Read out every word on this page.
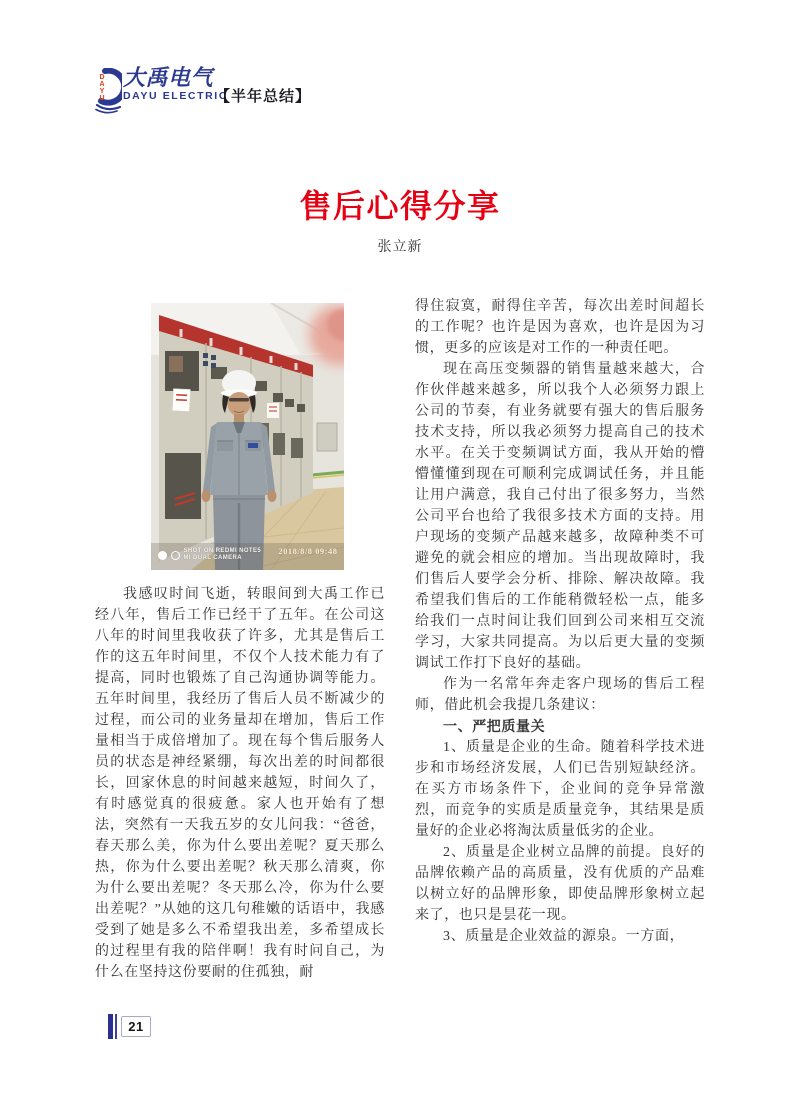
D A Y U
大禹电气
DAYU ELECTRIC
【半年总结】
售后心得分享
张立新
SHOT ON REDMI NOTE5
MI DUAL CAMERA
2018/8/8 09:48

我感叹时间飞逝，转眼间到大禹工作已经八年，售后工作已经干了五年。在公司这八年的时间里我收获了许多，尤其是售后工作的这五年时间里，不仅个人技术能力有了提高，同时也锻炼了自己沟通协调等能力。五年时间里，我经历了售后人员不断减少的过程，而公司的业务量却在增加，售后工作量相当于成倍增加了。现在每个售后服务人员的状态是神经紧绷，每次出差的时间都很长，回家休息的时间越来越短，时间久了，有时感觉真的很疲惫。家人也开始有了想法，突然有一天我五岁的女儿问我：“爸爸，春天那么美，你为什么要出差呢？夏天那么热，你为什么要出差呢？秋天那么清爽，你为什么要出差呢？冬天那么冷，你为什么要出差呢？”从她的这几句稚嫩的话语中，我感受到了她是多么不希望我出差，多希望成长的过程里有我的陪伴啊！我有时问自己，为什么在坚持这份要耐的住孤独，耐

得住寂寞，耐得住辛苦，每次出差时间超长的工作呢？也许是因为喜欢，也许是因为习惯，更多的应该是对工作的一种责任吧。

现在高压变频器的销售量越来越大，合作伙伴越来越多，所以我个人必须努力跟上公司的节奏，有业务就要有强大的售后服务技术支持，所以我必须努力提高自己的技术水平。在关于变频调试方面，我从开始的懵懵懂懂到现在可顺利完成调试任务，并且能让用户满意，我自己付出了很多努力，当然公司平台也给了我很多技术方面的支持。用户现场的变频产品越来越多，故障种类不可避免的就会相应的增加。当出现故障时，我们售后人要学会分析、排除、解决故障。我希望我们售后的工作能稍微轻松一点，能多给我们一点时间让我们回到公司来相互交流学习，大家共同提高。为以后更大量的变频调试工作打下良好的基础。

作为一名常年奔走客户现场的售后工程师，借此机会我提几条建议：

一、严把质量关

1、质量是企业的生命。随着科学技术进步和市场经济发展，人们已告别短缺经济。在买方市场条件下，企业间的竞争异常激烈，而竞争的实质是质量竞争，其结果是质量好的企业必将淘汰质量低劣的企业。

2、质量是企业树立品牌的前提。良好的品牌依赖产品的高质量，没有优质的产品难以树立好的品牌形象，即使品牌形象树立起来了，也只是昙花一现。

3、质量是企业效益的源泉。一方面，

21
